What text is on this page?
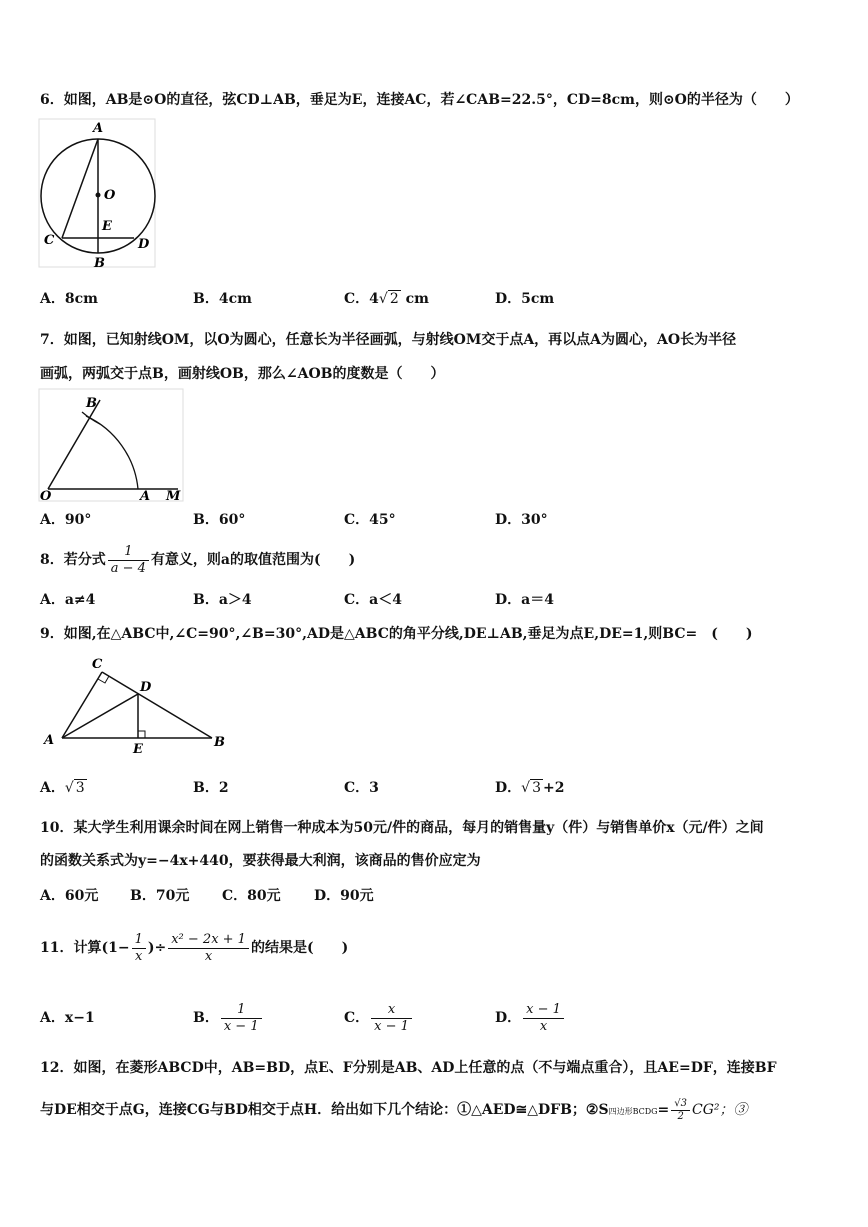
6．如图，AB是⊙O的直径，弦CD⊥AB，垂足为E，连接AC，若∠CAB=22.5°，CD=8cm，则⊙O的半径为（　　）
A
O
E
C	D
B
A．8cm	B．4cm	C．4√ 2 cm	D．5cm
7．如图，已知射线OM，以O为圆心，任意长为半径画弧，与射线OM交于点A，再以点A为圆心，AO长为半径
画弧，两弧交于点B，画射线OB，那么∠AOB的度数是（　　）
B
O	A M
A．90°	B．60°	C．45°	D．30°
8．若分式 $\frac{1}{a - 4}$ 有意义，则a的取值范围为(　　)
A．a≠4	B．a＞4	C．a＜4	D．a＝4
9．如图,在△ABC中,∠C=90°,∠B=30°,AD是△ABC的角平分线,DE⊥AB,垂足为点E,DE=1,则BC=　(　　)
C
D
A
E	B
A．√ 3	B．2	C．3	D．√ 3 +2
10．某大学生利用课余时间在网上销售一种成本为50元/件的商品，每月的销售量y（件）与销售单价x（元/件）之间
的函数关系式为y=−4x+440，要获得最大利润，该商品的售价应定为
A．60元 B．70元 C．80元 D．90元
11．计算($1- \frac{1}{x}$ )÷ $\frac{\text{x² − 2x + 1}}{x}$ 的结果是(　　)
A．x−1	B． $\frac{1}{x - 1}$	C． $\frac{x}{x - 1}$	D． $\frac{x - 1}{x}$
12．如图，在菱形ABCD中，AB=BD，点E、F分别是AB、AD上任意的点（不与端点重合），且AE=DF，连接BF
与DE相交于点G，连接CG与BD相交于点H．给出如下几个结论：①△AED≅△DFB；②S四边形BCDG= $\frac{√3}{2} CG^2$；③
